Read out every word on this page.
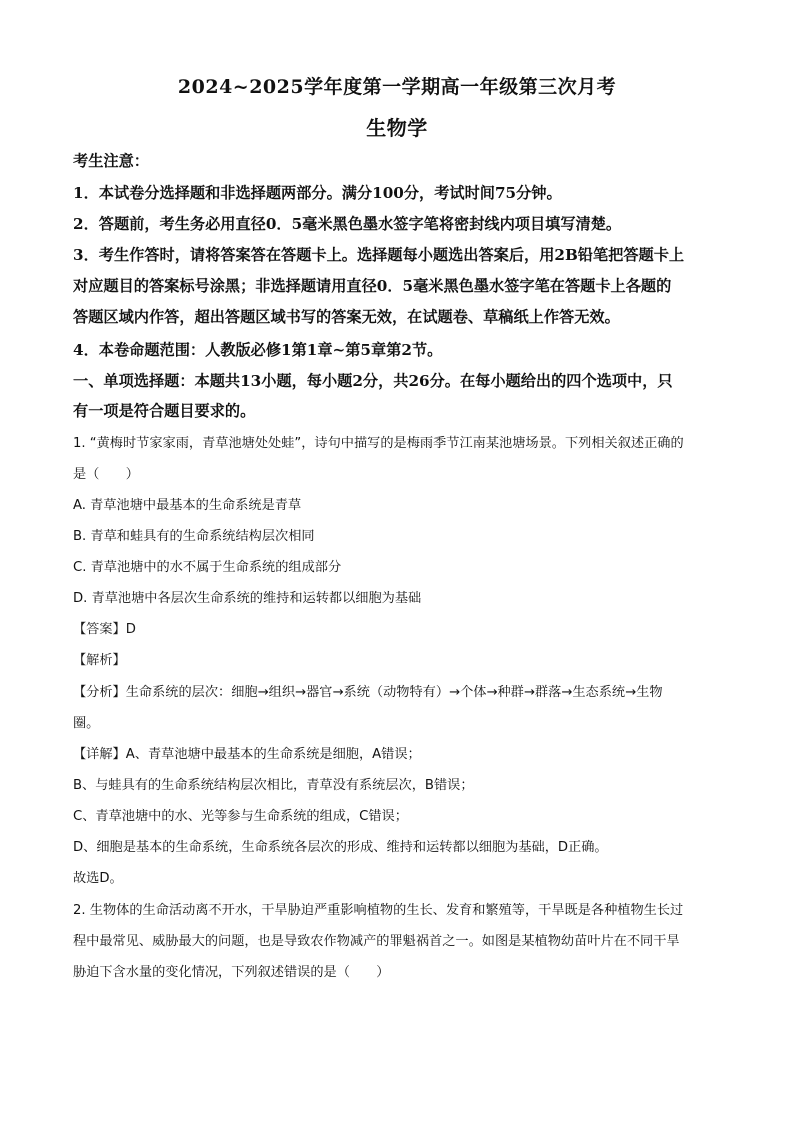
2024~2025学年度第一学期高一年级第三次月考
生物学
考生注意：
1．本试卷分选择题和非选择题两部分。满分100分，考试时间75分钟。
2．答题前，考生务必用直径0．5毫米黑色墨水签字笔将密封线内项目填写清楚。
3．考生作答时，请将答案答在答题卡上。选择题每小题选出答案后，用2B铅笔把答题卡上
对应题目的答案标号涂黑；非选择题请用直径0．5毫米黑色墨水签字笔在答题卡上各题的
答题区域内作答，超出答题区域书写的答案无效，在试题卷、草稿纸上作答无效。
4．本卷命题范围：人教版必修1第1章~第5章第2节。
一、单项选择题：本题共13小题，每小题2分，共26分。在每小题给出的四个选项中，只
有一项是符合题目要求的。
1. “黄梅时节家家雨，青草池塘处处蛙”，诗句中描写的是梅雨季节江南某池塘场景。下列相关叙述正确的
是（　　）
A. 青草池塘中最基本的生命系统是青草
B. 青草和蛙具有的生命系统结构层次相同
C. 青草池塘中的水不属于生命系统的组成部分
D. 青草池塘中各层次生命系统的维持和运转都以细胞为基础
【答案】D
【解析】
【分析】生命系统的层次：细胞→组织→器官→系统（动物特有）→个体→种群→群落→生态系统→生物
圈。
【详解】A、青草池塘中最基本的生命系统是细胞，A错误；
B、与蛙具有的生命系统结构层次相比，青草没有系统层次，B错误；
C、青草池塘中的水、光等参与生命系统的组成，C错误；
D、细胞是基本的生命系统，生命系统各层次的形成、维持和运转都以细胞为基础，D正确。
故选D。
2. 生物体的生命活动离不开水，干旱胁迫严重影响植物的生长、发育和繁殖等，干旱既是各种植物生长过
程中最常见、威胁最大的问题，也是导致农作物减产的罪魁祸首之一。如图是某植物幼苗叶片在不同干旱
胁迫下含水量的变化情况，下列叙述错误的是（　　）
